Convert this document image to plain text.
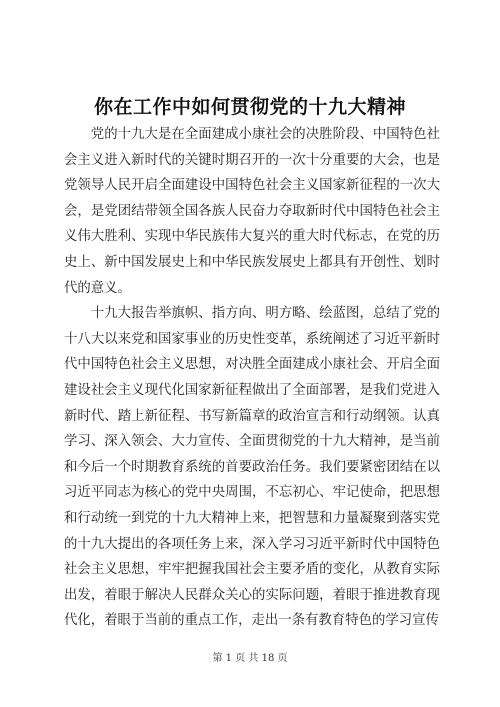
你在工作中如何贯彻党的十九大精神

党的十九大是在全面建成小康社会的决胜阶段、中国特色社会主义进入新时代的关键时期召开的一次十分重要的大会，也是党领导人民开启全面建设中国特色社会主义国家新征程的一次大会，是党团结带领全国各族人民奋力夺取新时代中国特色社会主义伟大胜利、实现中华民族伟大复兴的重大时代标志，在党的历史上、新中国发展史上和中华民族发展史上都具有开创性、划时代的意义。

十九大报告举旗帜、指方向、明方略、绘蓝图，总结了党的十八大以来党和国家事业的历史性变革，系统阐述了习近平新时代中国特色社会主义思想，对决胜全面建成小康社会、开启全面建设社会主义现代化国家新征程做出了全面部署，是我们党进入新时代、踏上新征程、书写新篇章的政治宣言和行动纲领。认真学习、深入领会、大力宣传、全面贯彻党的十九大精神，是当前和今后一个时期教育系统的首要政治任务。我们要紧密团结在以习近平同志为核心的党中央周围，不忘初心、牢记使命，把思想和行动统一到党的十九大精神上来，把智慧和力量凝聚到落实党的十九大提出的各项任务上来，深入学习习近平新时代中国特色社会主义思想，牢牢把握我国社会主要矛盾的变化，从教育实际出发，着眼于解决人民群众关心的实际问题，着眼于推进教育现代化，着眼于当前的重点工作，走出一条有教育特色的学习宣传

第 1 页 共 18 页
